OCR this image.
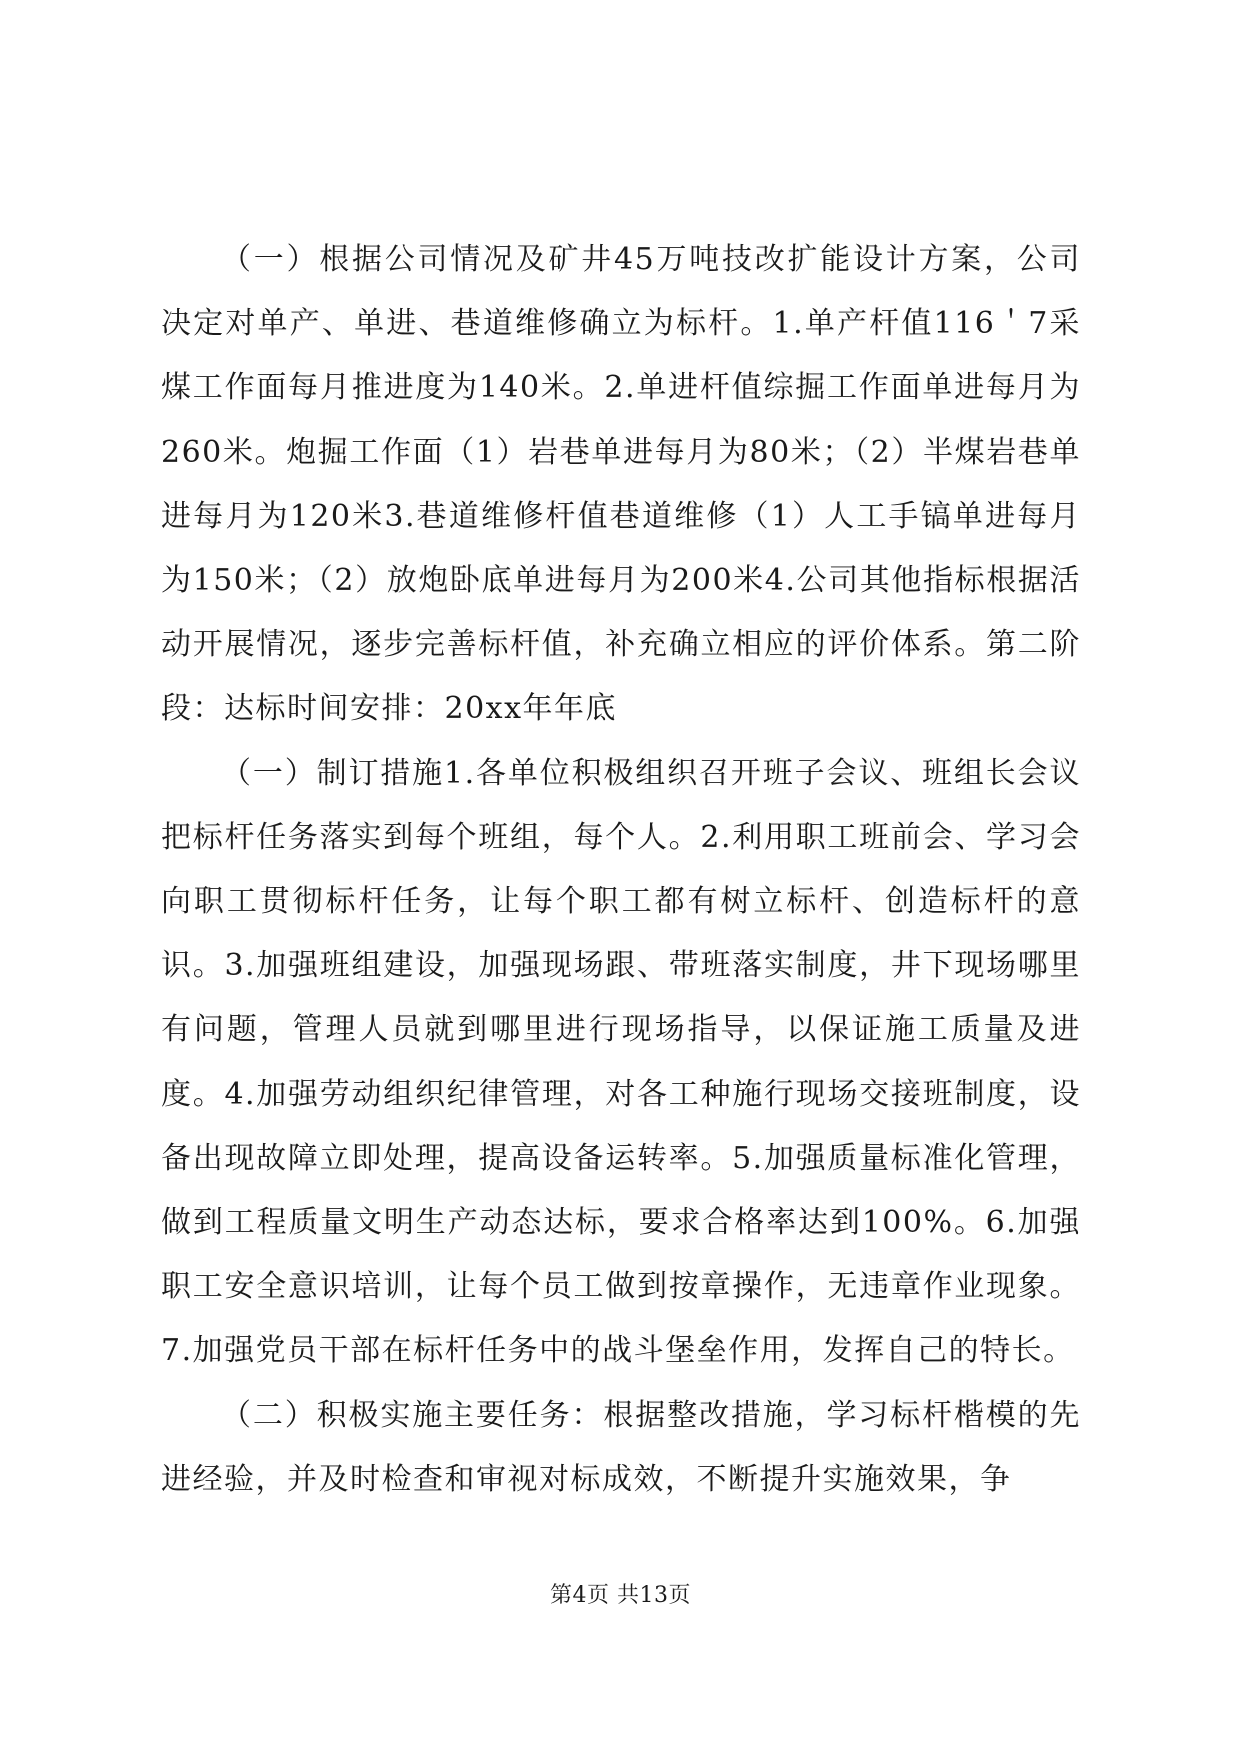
（一）根据公司情况及矿井45万吨技改扩能设计方案，公司决定对单产、单进、巷道维修确立为标杆。1.单产杆值116＇7采煤工作面每月推进度为140米。2.单进杆值综掘工作面单进每月为260米。炮掘工作面（1）岩巷单进每月为80米；（2）半煤岩巷单进每月为120米3.巷道维修杆值巷道维修（1）人工手镐单进每月为150米；（2）放炮卧底单进每月为200米4.公司其他指标根据活动开展情况，逐步完善标杆值，补充确立相应的评价体系。第二阶段：达标时间安排：20xx年年底

（一）制订措施1.各单位积极组织召开班子会议、班组长会议把标杆任务落实到每个班组，每个人。2.利用职工班前会、学习会向职工贯彻标杆任务，让每个职工都有树立标杆、创造标杆的意识。3.加强班组建设，加强现场跟、带班落实制度，井下现场哪里有问题，管理人员就到哪里进行现场指导，以保证施工质量及进度。4.加强劳动组织纪律管理，对各工种施行现场交接班制度，设备出现故障立即处理，提高设备运转率。5.加强质量标准化管理，做到工程质量文明生产动态达标，要求合格率达到100%。6.加强职工安全意识培训，让每个员工做到按章操作，无违章作业现象。7.加强党员干部在标杆任务中的战斗堡垒作用，发挥自己的特长。

（二）积极实施主要任务：根据整改措施，学习标杆楷模的先进经验，并及时检查和审视对标成效，不断提升实施效果，争

第4页 共13页
